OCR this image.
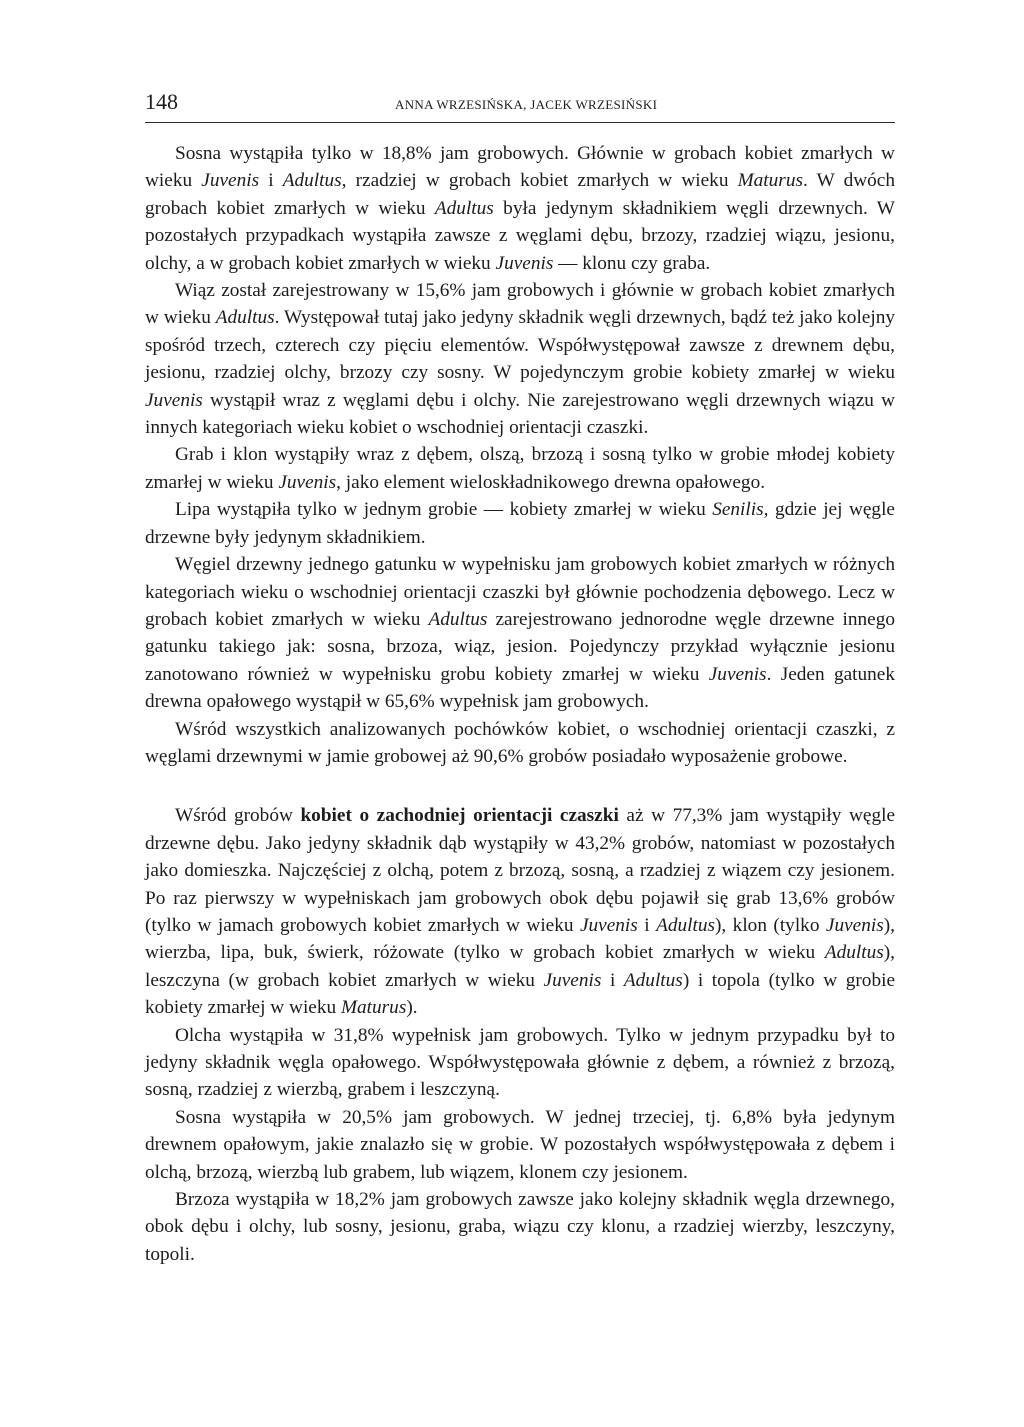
148	ANNA WRZESIŃSKA, JACEK WRZESIŃSKI

Sosna wystąpiła tylko w 18,8% jam grobowych. Głównie w grobach kobiet zmarłych w wieku Juvenis i Adultus, rzadziej w grobach kobiet zmarłych w wieku Maturus. W dwóch grobach kobiet zmarłych w wieku Adultus była jedynym składnikiem węgli drzewnych. W pozostałych przypadkach wystąpiła zawsze z węglami dębu, brzozy, rzadziej wiązu, jesionu, olchy, a w grobach kobiet zmarłych w wieku Juvenis — klonu czy graba.

Wiąz został zarejestrowany w 15,6% jam grobowych i głównie w grobach kobiet zmarłych w wieku Adultus. Występował tutaj jako jedyny składnik węgli drzewnych, bądź też jako kolejny spośród trzech, czterech czy pięciu elementów. Współwystępował zawsze z drewnem dębu, jesionu, rzadziej olchy, brzozy czy sosny. W pojedynczym grobie kobiety zmarłej w wieku Juvenis wystąpił wraz z węglami dębu i olchy. Nie zarejestrowano węgli drzewnych wiązu w innych kategoriach wieku kobiet o wschodniej orientacji czaszki.

Grab i klon wystąpiły wraz z dębem, olszą, brzozą i sosną tylko w grobie młodej kobiety zmarłej w wieku Juvenis, jako element wieloskładnikowego drewna opałowego.

Lipa wystąpiła tylko w jednym grobie — kobiety zmarłej w wieku Senilis, gdzie jej węgle drzewne były jedynym składnikiem.

Węgiel drzewny jednego gatunku w wypełnisku jam grobowych kobiet zmarłych w różnych kategoriach wieku o wschodniej orientacji czaszki był głównie pochodzenia dębowego. Lecz w grobach kobiet zmarłych w wieku Adultus zarejestrowano jednorodne węgle drzewne innego gatunku takiego jak: sosna, brzoza, wiąz, jesion. Pojedynczy przykład wyłącznie jesionu zanotowano również w wypełnisku grobu kobiety zmarłej w wieku Juvenis. Jeden gatunek drewna opałowego wystąpił w 65,6% wypełnisk jam grobowych.

Wśród wszystkich analizowanych pochówków kobiet, o wschodniej orientacji czaszki, z węglami drzewnymi w jamie grobowej aż 90,6% grobów posiadało wyposażenie grobowe.

Wśród grobów kobiet o zachodniej orientacji czaszki aż w 77,3% jam wystąpiły węgle drzewne dębu. Jako jedyny składnik dąb wystąpiły w 43,2% grobów, natomiast w pozostałych jako domieszka. Najczęściej z olchą, potem z brzozą, sosną, a rzadziej z wiązem czy jesionem. Po raz pierwszy w wypełniskach jam grobowych obok dębu pojawił się grab 13,6% grobów (tylko w jamach grobowych kobiet zmarłych w wieku Juvenis i Adultus), klon (tylko Juvenis), wierzba, lipa, buk, świerk, różowate (tylko w grobach kobiet zmarłych w wieku Adultus), leszczyna (w grobach kobiet zmarłych w wieku Juvenis i Adultus) i topola (tylko w grobie kobiety zmarłej w wieku Maturus).

Olcha wystąpiła w 31,8% wypełnisk jam grobowych. Tylko w jednym przypadku był to jedyny składnik węgla opałowego. Współwystępowała głównie z dębem, a również z brzozą, sosną, rzadziej z wierzbą, grabem i leszczyną.

Sosna wystąpiła w 20,5% jam grobowych. W jednej trzeciej, tj. 6,8% była jedynym drewnem opałowym, jakie znalazło się w grobie. W pozostałych współwystępowała z dębem i olchą, brzozą, wierzbą lub grabem, lub wiązem, klonem czy jesionem.

Brzoza wystąpiła w 18,2% jam grobowych zawsze jako kolejny składnik węgla drzewnego, obok dębu i olchy, lub sosny, jesionu, graba, wiązu czy klonu, a rzadziej wierzby, leszczyny, topoli.
